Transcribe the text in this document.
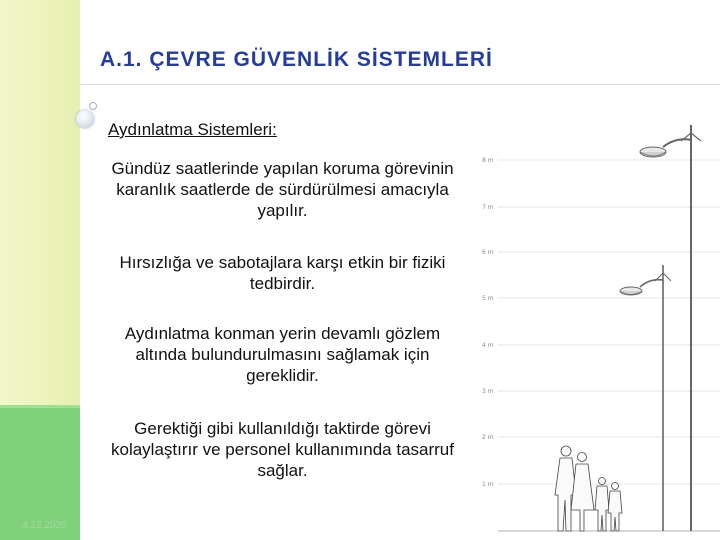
4.12.2020
A.1. ÇEVRE GÜVENLİK SİSTEMLERİ
Aydınlatma Sistemleri:
Gündüz saatlerinde yapılan koruma görevinin karanlık saatlerde de sürdürülmesi amacıyla yapılır.
Hırsızlığa ve sabotajlara karşı etkin bir fiziki tedbirdir.
Aydınlatma konman yerin devamlı gözlem altında bulundurulmasını sağlamak için gereklidir.
Gerektiği gibi kullanıldığı taktirde görevi kolaylaştırır ve personel kullanımında tasarruf sağlar.
8 m
7 m
6 m
5 m
4 m
3 m
2 m
1 m
